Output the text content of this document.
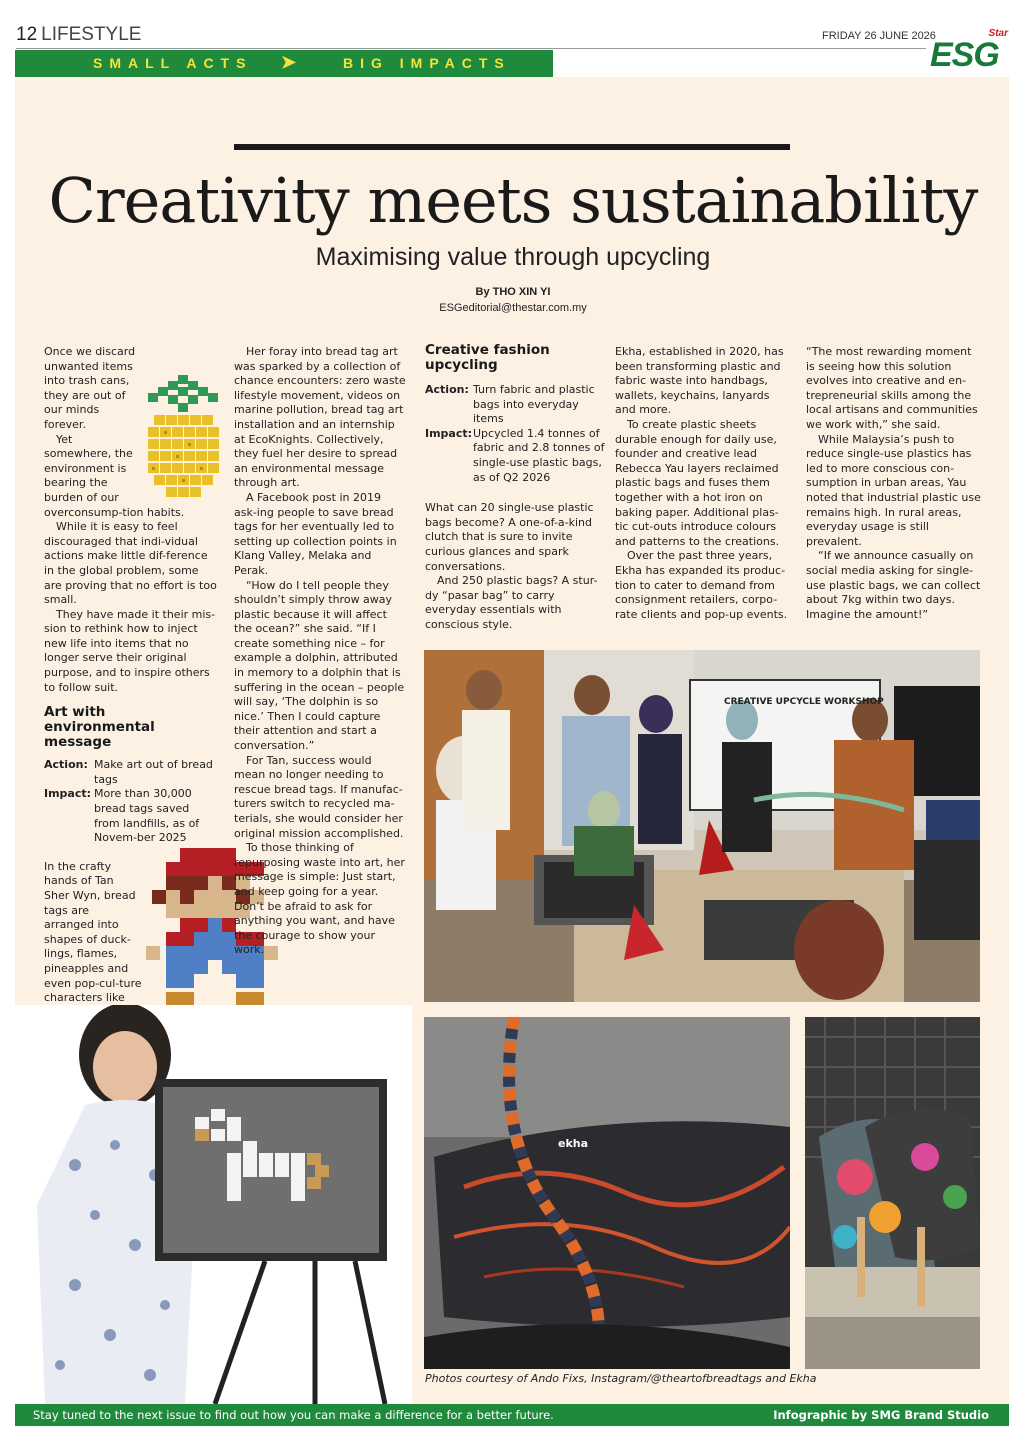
12 LIFESTYLE	FRIDAY 26 JUNE 2026	Star
ESG
SMALL ACTS ➤	BIG IMPACTS
Creativity meets sustainability
Maximising value through upcycling
By THO XIN YI
ESGeditorial@thestar.com.my

Once we discard unwanted items into trash cans, they are out of our minds forever.

Yet somewhere, the environment is bearing the burden of our overconsump-tion habits.

While it is easy to feel discouraged that indi-vidual actions make little dif-ference in the global problem, some are proving that no effort is too small.

They have made it their mis-sion to rethink how to inject new life into items that no longer serve their original purpose, and to inspire others to follow suit.

Art with environmental message
Action: Make art out of bread tags
Impact: More than 30,000 bread tags saved from landfills, as of Novem-ber 2025

In the crafty hands of Tan Sher Wyn, bread tags are arranged into shapes of duck-lings, flames, pineapples and even pop-cul-ture characters like

Her foray into bread tag art was sparked by a collection of chance encounters: zero waste lifestyle movement, videos on marine pollution, bread tag art installation and an internship at EcoKnights. Collectively, they fuel her desire to spread an environmental message through art.

A Facebook post in 2019 ask-ing people to save bread tags for her eventually led to setting up collection points in Klang Valley, Melaka and Perak.

“How do I tell people they shouldn’t simply throw away plastic because it will affect the ocean?” she said. “If I create something nice – for example a dolphin, attributed in memory to a dolphin that is suffering in the ocean – people will say, ‘The dolphin is so nice.’ Then I could capture their attention and start a conversation.”

For Tan, success would mean no longer needing to rescue bread tags. If manufac-turers switch to recycled ma-terials, she would consider her original mission accomplished.

To those thinking of repurposing waste into art, her message is simple: Just start, and keep going for a year. Don’t be afraid to ask for anything you want, and have the courage to show your work.

Creative fashion upcycling
Action: Turn fabric and plastic bags into everyday items
Impact: Upcycled 1.4 tonnes of fabric and 2.8 tonnes of single-use plastic bags, as of Q2 2026

What can 20 single-use plastic bags become? A one-of-a-kind clutch that is sure to invite curious glances and spark conversations.

And 250 plastic bags? A stur-dy “pasar bag” to carry everyday essentials with conscious style.

Ekha, established in 2020, has been transforming plastic and fabric waste into handbags, wallets, keychains, lanyards and more.

To create plastic sheets durable enough for daily use, founder and creative lead Rebecca Yau layers reclaimed plastic bags and fuses them together with a hot iron on baking paper. Additional plas-tic cut-outs introduce colours and patterns to the creations.

Over the past three years, Ekha has expanded its produc-tion to cater to demand from consignment retailers, corpo-rate clients and pop-up events.

“The most rewarding moment is seeing how this solution evolves into creative and en-trepreneurial skills among the local artisans and communities we work with,” she said.

While Malaysia’s push to reduce single-use plastics has led to more conscious con-sumption in urban areas, Yau noted that industrial plastic use remains high. In rural areas, everyday usage is still prevalent.

“If we announce casually on social media asking for single-use plastic bags, we can collect about 7kg within two days. Imagine the amount!”

CREATIVE UPCYCLE WORKSHOP
ekha
Photos courtesy of Ando Fixs, Instagram/@theartofbreadtags and Ekha
Stay tuned to the next issue to find out how you can make a difference for a better future.	Infographic by SMG Brand Studio
